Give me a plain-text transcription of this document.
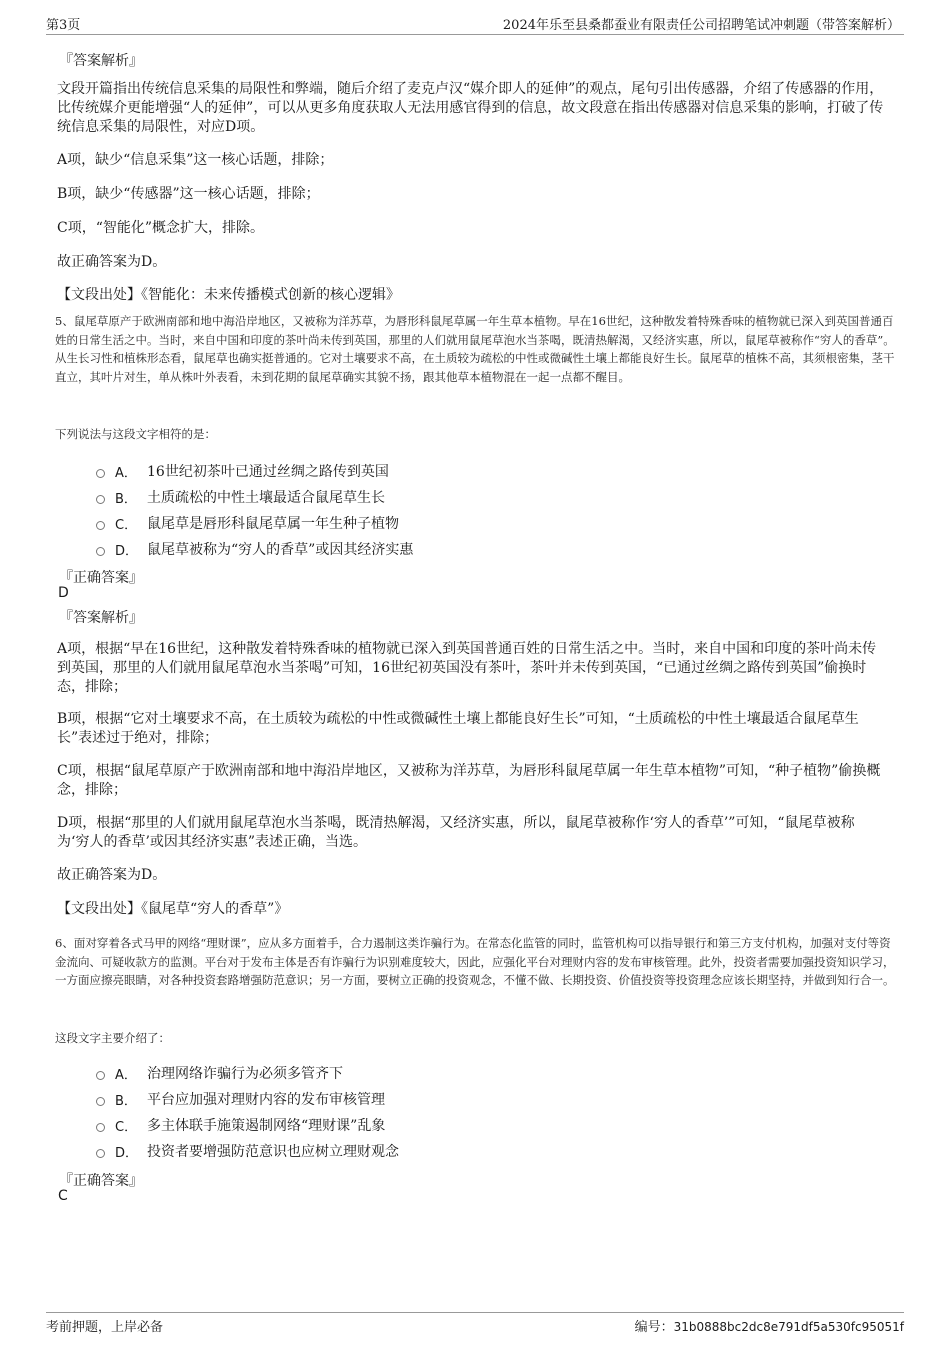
第3页	2024年乐至县桑都蚕业有限责任公司招聘笔试冲刺题（带答案解析）
『答案解析』
文段开篇指出传统信息采集的局限性和弊端，随后介绍了麦克卢汉“媒介即人的延伸”的观点，尾句引出传感器，介绍了传感器的作用，比传统媒介更能增强“人的延伸”，可以从更多角度获取人无法用感官得到的信息，故文段意在指出传感器对信息采集的影响，打破了传统信息采集的局限性，对应D项。
A项，缺少“信息采集”这一核心话题，排除；
B项，缺少“传感器”这一核心话题，排除；
C项，“智能化”概念扩大，排除。
故正确答案为D。
【文段出处】《智能化：未来传播模式创新的核心逻辑》
5、鼠尾草原产于欧洲南部和地中海沿岸地区，又被称为洋苏草，为唇形科鼠尾草属一年生草本植物。早在16世纪，这种散发着特殊香味的植物就已深入到英国普通百姓的日常生活之中。当时，来自中国和印度的茶叶尚未传到英国，那里的人们就用鼠尾草泡水当茶喝，既清热解渴，又经济实惠，所以，鼠尾草被称作“穷人的香草”。从生长习性和植株形态看，鼠尾草也确实挺普通的。它对土壤要求不高，在土质较为疏松的中性或微碱性土壤上都能良好生长。鼠尾草的植株不高，其须根密集，茎干直立，其叶片对生，单从株叶外表看，未到花期的鼠尾草确实其貌不扬，跟其他草本植物混在一起一点都不醒目。
下列说法与这段文字相符的是：
A． 16世纪初茶叶已通过丝绸之路传到英国
B． 土质疏松的中性土壤最适合鼠尾草生长
C． 鼠尾草是唇形科鼠尾草属一年生种子植物
D． 鼠尾草被称为“穷人的香草”或因其经济实惠
『正确答案』
D
『答案解析』
A项，根据“早在16世纪，这种散发着特殊香味的植物就已深入到英国普通百姓的日常生活之中。当时，来自中国和印度的茶叶尚未传到英国，那里的人们就用鼠尾草泡水当茶喝”可知，16世纪初英国没有茶叶，茶叶并未传到英国，“已通过丝绸之路传到英国”偷换时态，排除；
B项，根据“它对土壤要求不高，在土质较为疏松的中性或微碱性土壤上都能良好生长”可知，“土质疏松的中性土壤最适合鼠尾草生长”表述过于绝对，排除；
C项，根据“鼠尾草原产于欧洲南部和地中海沿岸地区，又被称为洋苏草，为唇形科鼠尾草属一年生草本植物”可知，“种子植物”偷换概念，排除；
D项，根据“那里的人们就用鼠尾草泡水当茶喝，既清热解渴，又经济实惠，所以，鼠尾草被称作‘穷人的香草’”可知，“鼠尾草被称为‘穷人的香草’或因其经济实惠”表述正确，当选。
故正确答案为D。
【文段出处】《鼠尾草“穷人的香草”》
6、面对穿着各式马甲的网络“理财课”，应从多方面着手，合力遏制这类诈骗行为。在常态化监管的同时，监管机构可以指导银行和第三方支付机构，加强对支付等资金流向、可疑收款方的监测。平台对于发布主体是否有诈骗行为识别难度较大，因此，应强化平台对理财内容的发布审核管理。此外，投资者需要加强投资知识学习，一方面应擦亮眼睛，对各种投资套路增强防范意识；另一方面，要树立正确的投资观念，不懂不做、长期投资、价值投资等投资理念应该长期坚持，并做到知行合一。
这段文字主要介绍了：
A． 治理网络诈骗行为必须多管齐下
B． 平台应加强对理财内容的发布审核管理
C． 多主体联手施策遏制网络“理财课”乱象
D． 投资者要增强防范意识也应树立理财观念
『正确答案』
C
考前押题，上岸必备	编号：31b0888bc2dc8e791df5a530fc95051f
